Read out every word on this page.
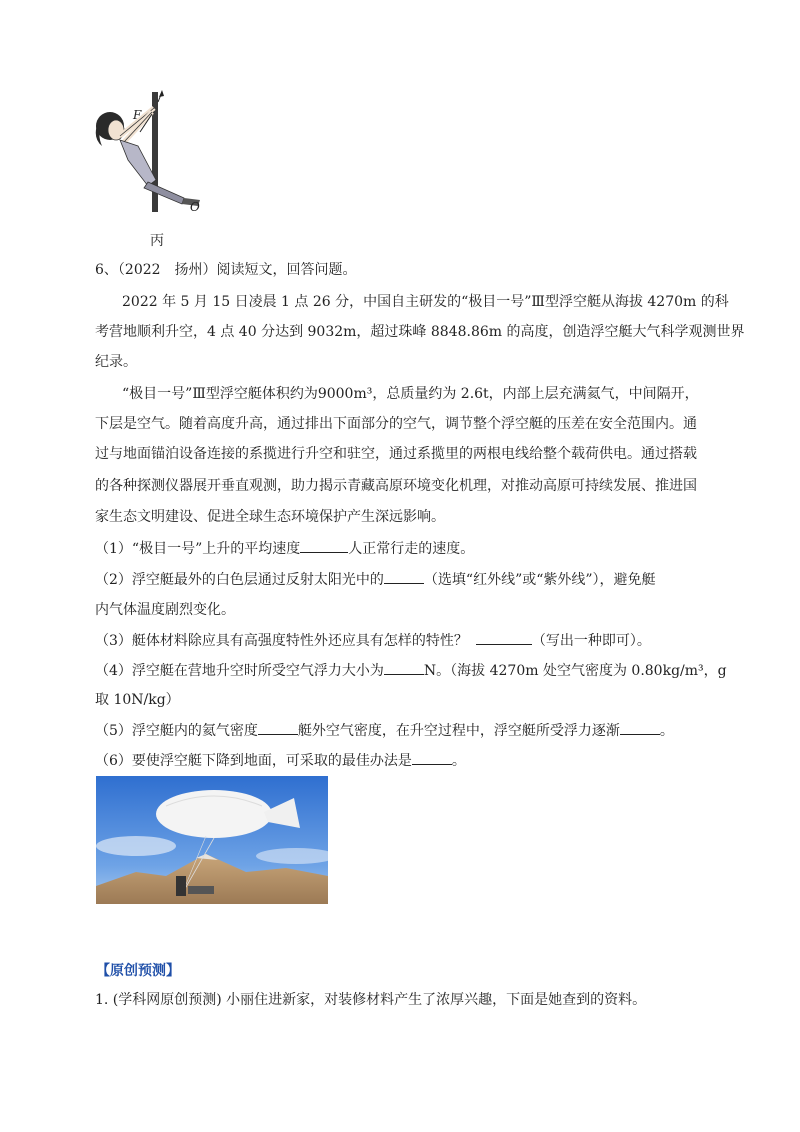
F
O
丙
6、（2022　扬州）阅读短文，回答问题。
2022 年 5 月 15 日凌晨 1 点 26 分，中国自主研发的“极目一号”Ⅲ型浮空艇从海拔 4270m 的科
考营地顺利升空，4 点 40 分达到 9032m，超过珠峰 8848.86m 的高度，创造浮空艇大气科学观测世界
纪录。
“极目一号”Ⅲ型浮空艇体积约为9000m³，总质量约为 2.6t，内部上层充满氦气，中间隔开，
下层是空气。随着高度升高，通过排出下面部分的空气，调节整个浮空艇的压差在安全范围内。通
过与地面锚泊设备连接的系揽进行升空和驻空，通过系揽里的两根电线给整个载荷供电。通过搭载
的各种探测仪器展开垂直观测，助力揭示青藏高原环境变化机理，对推动高原可持续发展、推进国
家生态文明建设、促进全球生态环境保护产生深远影响。
（1）“极目一号”上升的平均速度	人正常行走的速度。
（2）浮空艇最外的白色层通过反射太阳光中的	（选填“红外线”或“紫外线”），避免艇
内气体温度剧烈变化。
（3）艇体材料除应具有高强度特性外还应具有怎样的特性？	（写出一种即可）。
（4）浮空艇在营地升空时所受空气浮力大小为	N。（海拔 4270m 处空气密度为 0.80kg/m³，g
取 10N/kg）
（5）浮空艇内的氦气密度	艇外空气密度，在升空过程中，浮空艇所受浮力逐渐	。
（6）要使浮空艇下降到地面，可采取的最佳办法是	。
【原创预测】
1. (学科网原创预测) 小丽住进新家，对装修材料产生了浓厚兴趣，下面是她查到的资料。
